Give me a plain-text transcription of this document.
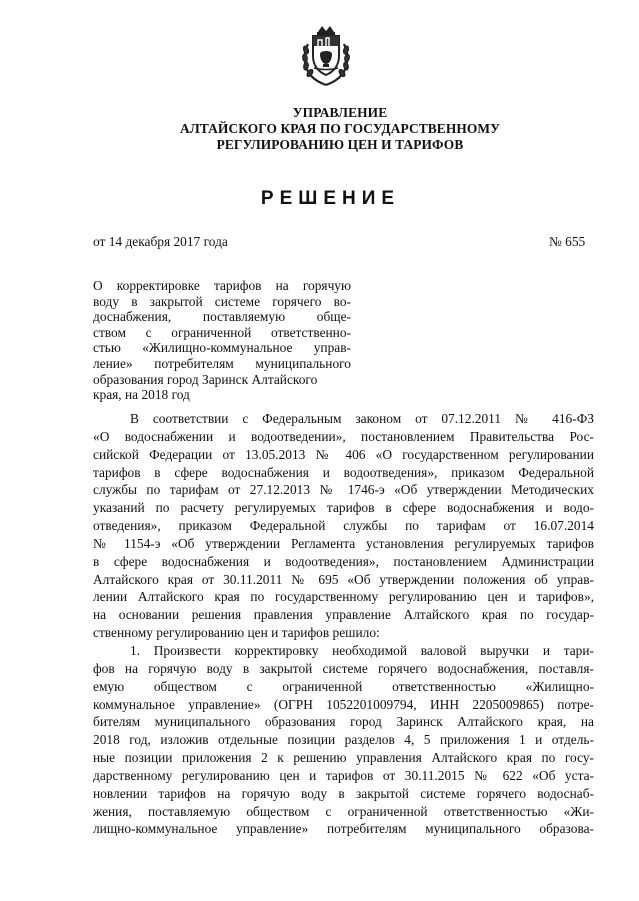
УПРАВЛЕНИЕ
АЛТАЙСКОГО КРАЯ ПО ГОСУДАРСТВЕННОМУ
РЕГУЛИРОВАНИЮ ЦЕН И ТАРИФОВ
РЕШЕНИЕ
от 14 декабря 2017 года	№ 655
О корректировке тарифов на горячую
воду в закрытой системе горячего во-
доснабжения, поставляемую обще-
ством с ограниченной ответственно-
стью «Жилищно-коммунальное управ-
ление» потребителям муниципального
образования город Заринск Алтайского
края, на 2018 год
В соответствии с Федеральным законом от 07.12.2011 № 416-ФЗ
«О водоснабжении и водоотведении», постановлением Правительства Рос-
сийской Федерации от 13.05.2013 № 406 «О государственном регулировании
тарифов в сфере водоснабжения и водоотведения», приказом Федеральной
службы по тарифам от 27.12.2013 № 1746-э «Об утверждении Методических
указаний по расчету регулируемых тарифов в сфере водоснабжения и водо-
отведения», приказом Федеральной службы по тарифам от 16.07.2014
№ 1154-э «Об утверждении Регламента установления регулируемых тарифов
в сфере водоснабжения и водоотведения», постановлением Администрации
Алтайского края от 30.11.2011 № 695 «Об утверждении положения об управ-
лении Алтайского края по государственному регулированию цен и тарифов»,
на основании решения правления управление Алтайского края по государ-
ственному регулированию цен и тарифов решило:
1. Произвести корректировку необходимой валовой выручки и тари-
фов на горячую воду в закрытой системе горячего водоснабжения, поставля-
емую обществом с ограниченной ответственностью «Жилищно-
коммунальное управление» (ОГРН 1052201009794, ИНН 2205009865) потре-
бителям муниципального образования город Заринск Алтайского края, на
2018 год, изложив отдельные позиции разделов 4, 5 приложения 1 и отдель-
ные позиции приложения 2 к решению управления Алтайского края по госу-
дарственному регулированию цен и тарифов от 30.11.2015 № 622 «Об уста-
новлении тарифов на горячую воду в закрытой системе горячего водоснаб-
жения, поставляемую обществом с ограниченной ответственностью «Жи-
лищно-коммунальное управление» потребителям муниципального образова-
